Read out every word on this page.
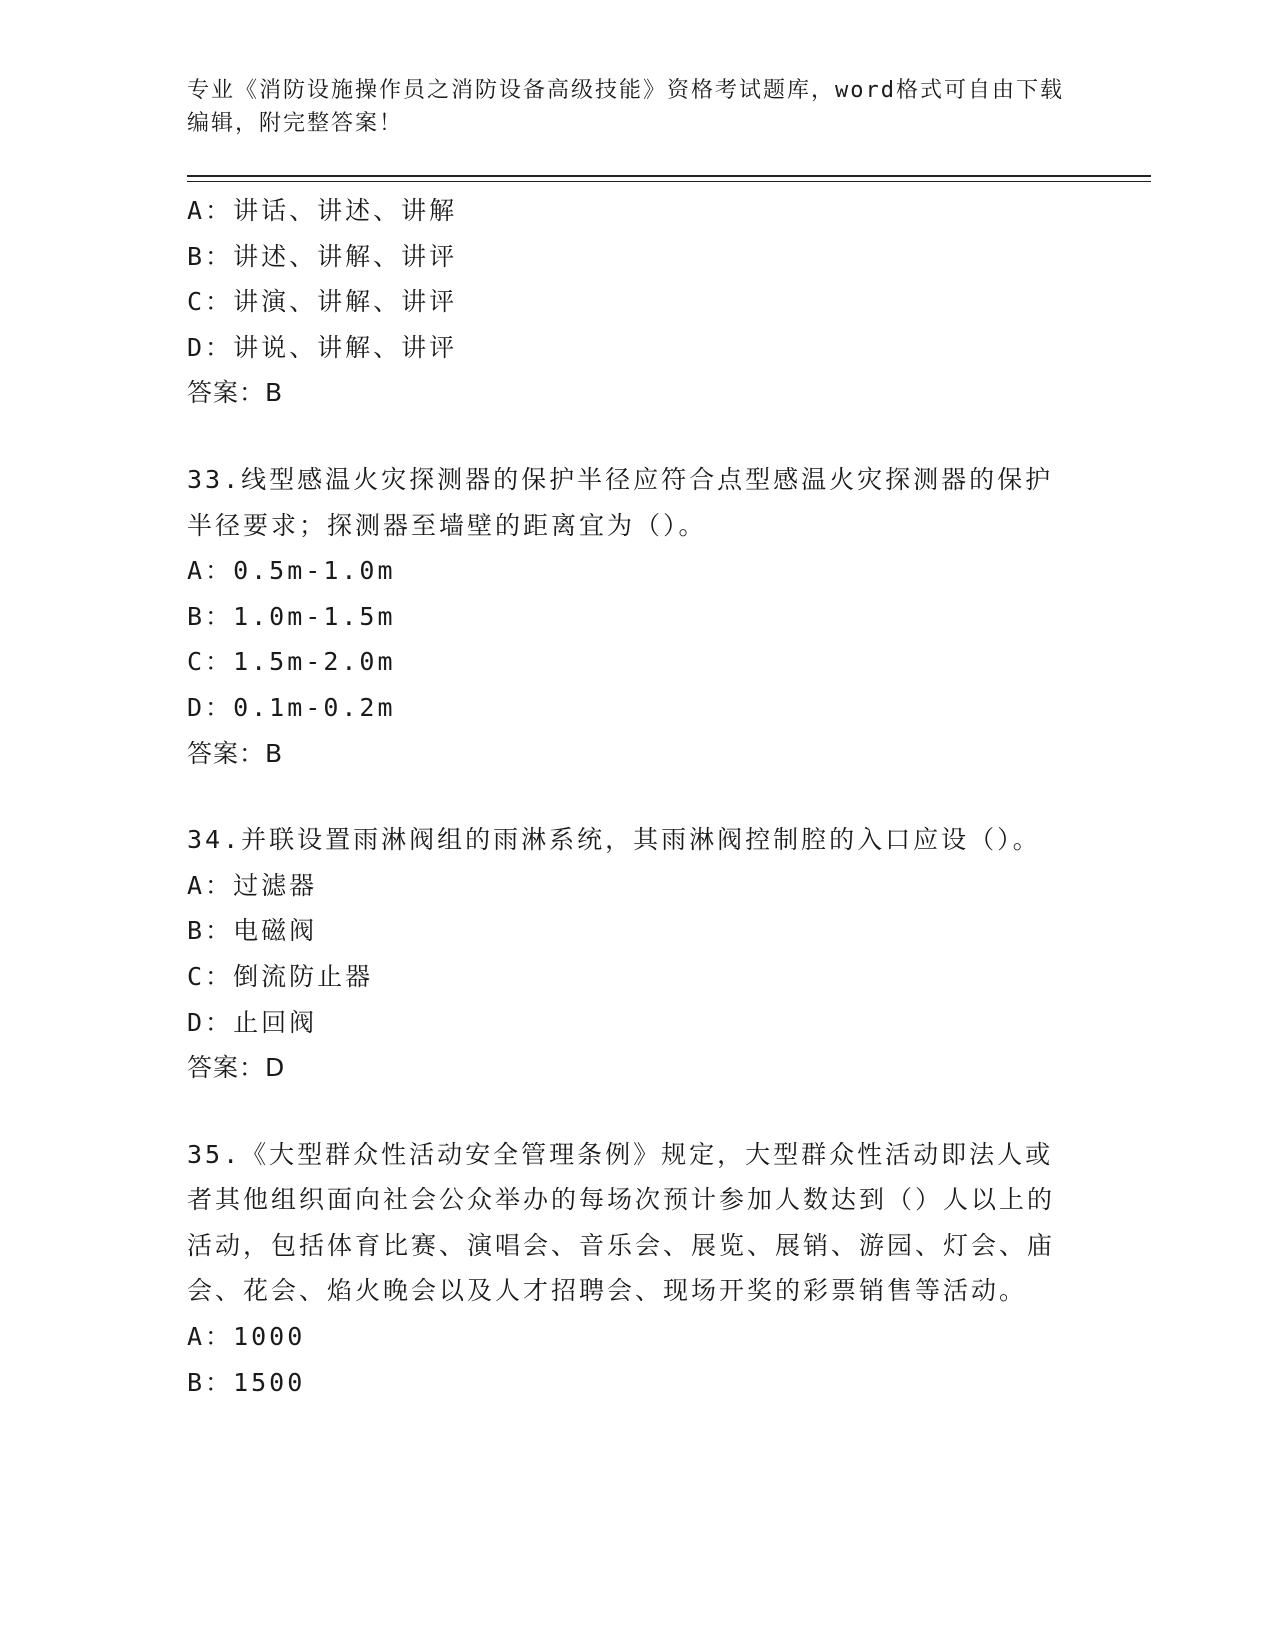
专业《消防设施操作员之消防设备高级技能》资格考试题库，word格式可自由下载编辑，附完整答案！
A：讲话、讲述、讲解
B：讲述、讲解、讲评
C：讲演、讲解、讲评
D：讲说、讲解、讲评
答案：B
33.线型感温火灾探测器的保护半径应符合点型感温火灾探测器的保护半径要求；探测器至墙壁的距离宜为（）。
A：0.5m-1.0m
B：1.0m-1.5m
C：1.5m-2.0m
D：0.1m-0.2m
答案：B
34.并联设置雨淋阀组的雨淋系统，其雨淋阀控制腔的入口应设（）。
A：过滤器
B：电磁阀
C：倒流防止器
D：止回阀
答案：D
35.《大型群众性活动安全管理条例》规定，大型群众性活动即法人或者其他组织面向社会公众举办的每场次预计参加人数达到（）人以上的活动，包括体育比赛、演唱会、音乐会、展览、展销、游园、灯会、庙会、花会、焰火晚会以及人才招聘会、现场开奖的彩票销售等活动。
A：1000
B：1500
